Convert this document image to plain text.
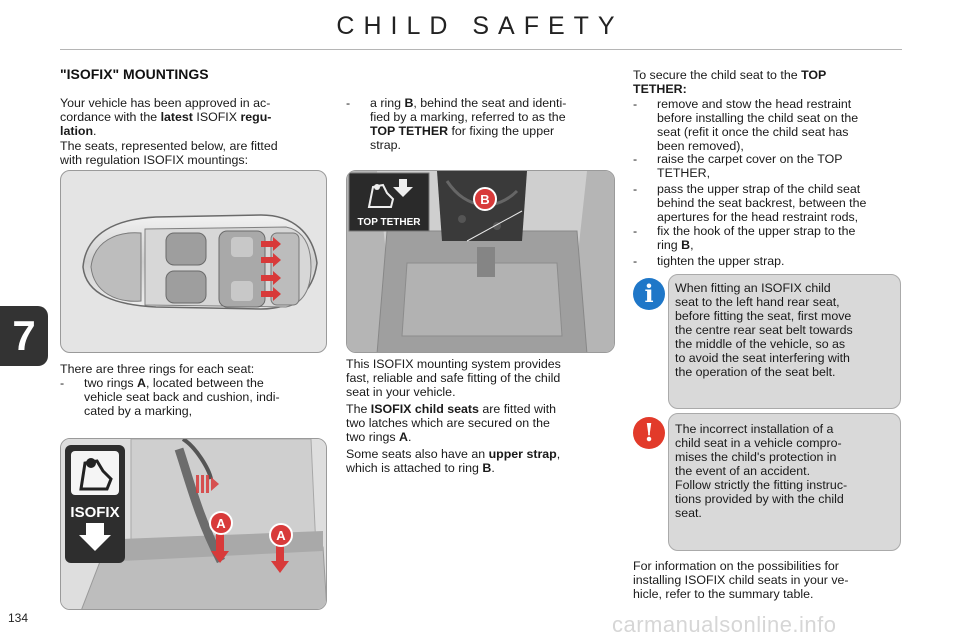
CHILD SAFETY
7
134
"ISOFIX" MOUNTINGS
Your vehicle has been approved in ac-
cordance with the latest ISOFIX regu-
lation.
The seats, represented below, are fitted
with regulation ISOFIX mountings:
There are three rings for each seat:
- two rings A, located between the
vehicle seat back and cushion, indi-
cated by a marking,
ISOFIX
A
A
- a ring B, behind the seat and identi-
fied by a marking, referred to as the
TOP TETHER for fixing the upper
strap.
B
TOP TETHER
This ISOFIX mounting system provides
fast, reliable and safe fitting of the child
seat in your vehicle.
The ISOFIX child seats are fitted with
two latches which are secured on the
two rings A.
Some seats also have an upper strap,
which is attached to ring B.
To secure the child seat to the TOP
TETHER:
- remove and stow the head restraint
before installing the child seat on the
seat (refit it once the child seat has
been removed),
- raise the carpet cover on the TOP
TETHER,
- pass the upper strap of the child seat
behind the seat backrest, between the
apertures for the head restraint rods,
- fix the hook of the upper strap to the
ring B,
- tighten the upper strap.
i	When fitting an ISOFIX child
seat to the left hand rear seat,
before fitting the seat, first move
the centre rear seat belt towards
the middle of the vehicle, so as
to avoid the seat interfering with
the operation of the seat belt.
!	The incorrect installation of a
child seat in a vehicle compro-
mises the child's protection in
the event of an accident.
Follow strictly the fitting instruc-
tions provided by with the child
seat.
For information on the possibilities for
installing ISOFIX child seats in your ve-
hicle, refer to the summary table.
carmanualsonline.info
